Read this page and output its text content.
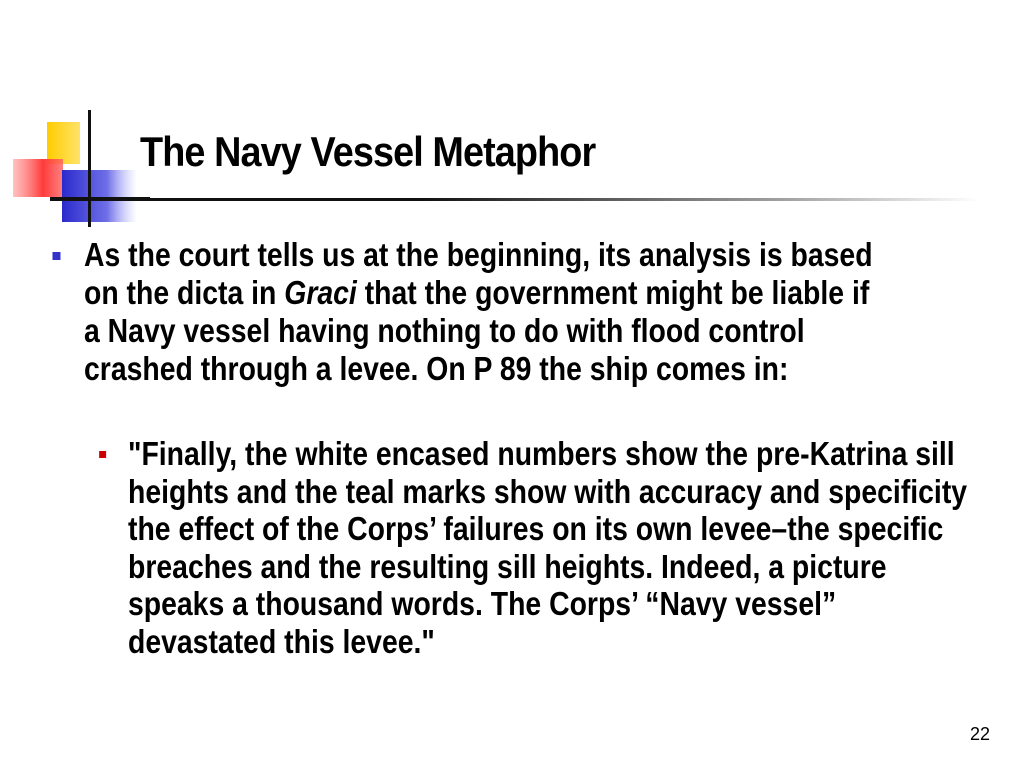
The Navy Vessel Metaphor
As the court tells us at the beginning, its analysis is based on the dicta in Graci that the government might be liable if a Navy vessel having nothing to do with flood control crashed through a levee. On P 89 the ship comes in:
"Finally, the white encased numbers show the pre-Katrina sill heights and the teal marks show with accuracy and specificity the effect of the Corps’ failures on its own levee–the specific breaches and the resulting sill heights. Indeed, a picture speaks a thousand words. The Corps’ “Navy vessel” devastated this levee."
22
